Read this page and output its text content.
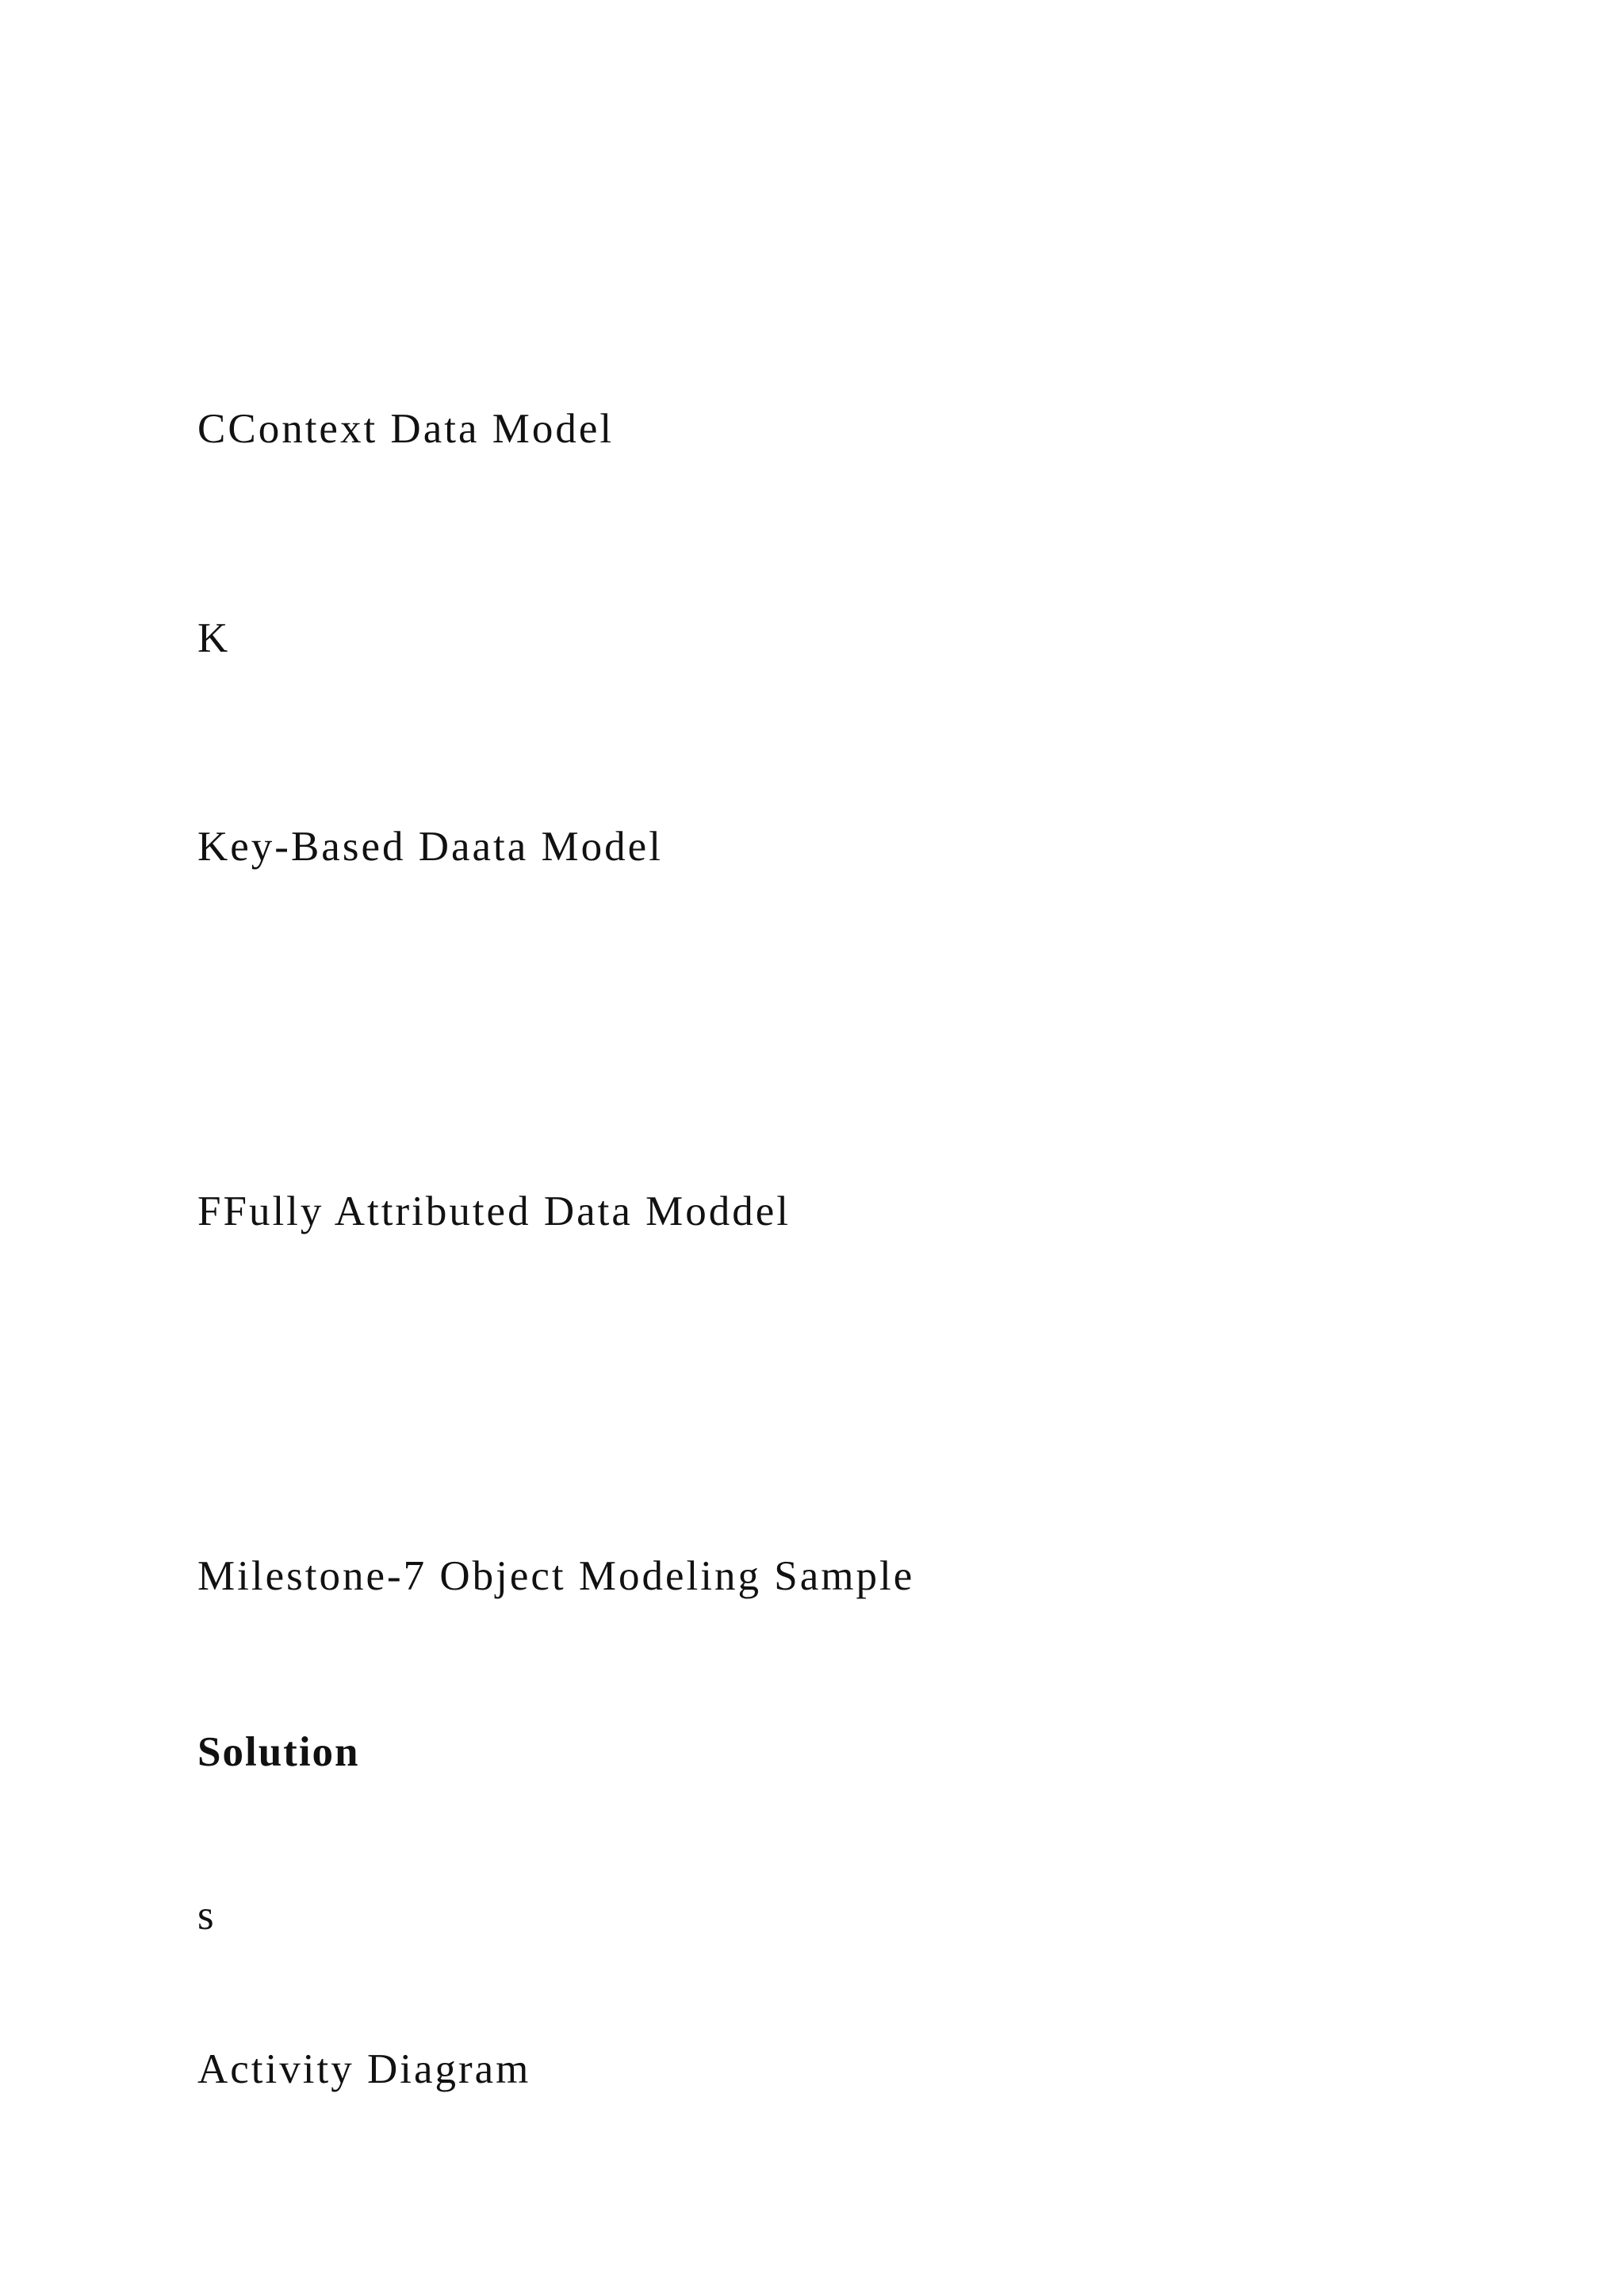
CContext Data Model

K

Key-Based Daata Model

FFully Attributed Data Moddel

Milestone-7 Object Modeling Sample

Solution

s

Activity Diagram
